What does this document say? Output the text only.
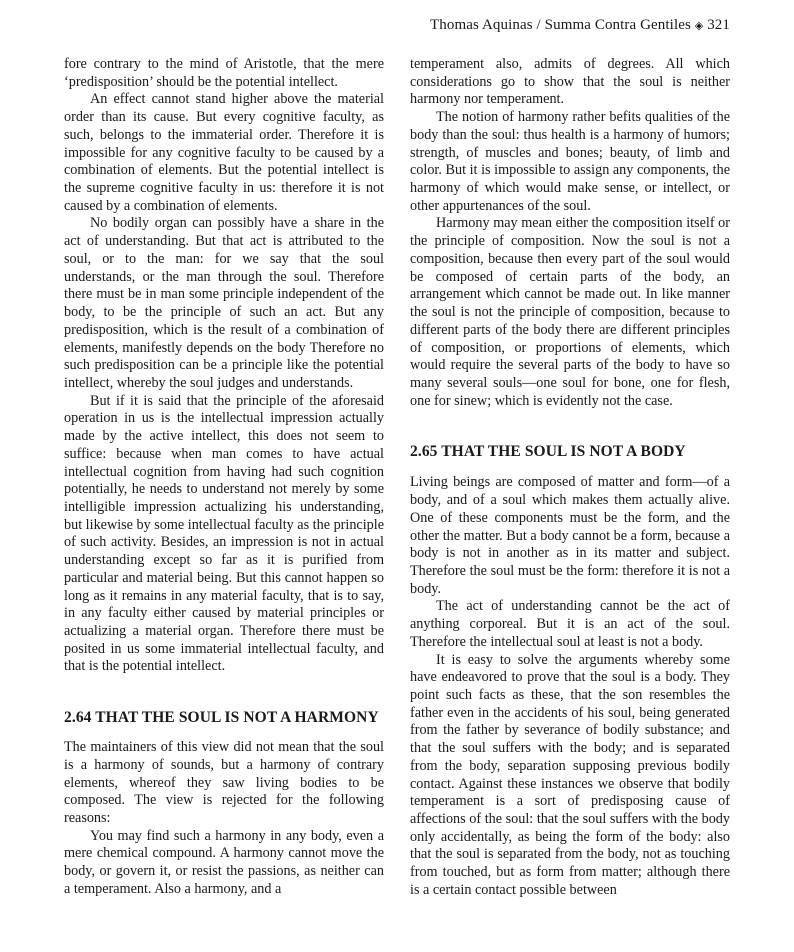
Thomas Aquinas / Summa Contra Gentiles ◈ 321

fore contrary to the mind of Aristotle, that the mere ‘predisposition’ should be the potential intellect.

An effect cannot stand higher above the material order than its cause. But every cognitive faculty, as such, belongs to the immaterial order. Therefore it is impossible for any cognitive faculty to be caused by a combination of elements. But the potential intellect is the supreme cognitive faculty in us: therefore it is not caused by a combination of elements.

No bodily organ can possibly have a share in the act of understanding. But that act is attributed to the soul, or to the man: for we say that the soul understands, or the man through the soul. Therefore there must be in man some principle independent of the body, to be the principle of such an act. But any predisposition, which is the result of a combination of elements, manifestly depends on the body Therefore no such predisposition can be a principle like the potential intellect, whereby the soul judges and understands.

But if it is said that the principle of the aforesaid operation in us is the intellectual impression actually made by the active intellect, this does not seem to suffice: because when man comes to have actual intellectual cognition from having had such cognition potentially, he needs to understand not merely by some intelligible impression actualizing his understanding, but likewise by some intellectual faculty as the principle of such activity. Besides, an impression is not in actual understanding except so far as it is purified from particular and material being. But this cannot happen so long as it remains in any material faculty, that is to say, in any faculty either caused by material principles or actualizing a material organ. Therefore there must be posited in us some immaterial intellectual faculty, and that is the potential intellect.

2.64 THAT THE SOUL IS NOT A HARMONY

The maintainers of this view did not mean that the soul is a harmony of sounds, but a harmony of contrary elements, whereof they saw living bodies to be composed. The view is rejected for the following reasons:

You may find such a harmony in any body, even a mere chemical compound. A harmony cannot move the body, or govern it, or resist the passions, as neither can a temperament. Also a harmony, and a

temperament also, admits of degrees. All which considerations go to show that the soul is neither harmony nor temperament.

The notion of harmony rather befits qualities of the body than the soul: thus health is a harmony of humors; strength, of muscles and bones; beauty, of limb and color. But it is impossible to assign any components, the harmony of which would make sense, or intellect, or other appurtenances of the soul.

Harmony may mean either the composition itself or the principle of composition. Now the soul is not a composition, because then every part of the soul would be composed of certain parts of the body, an arrangement which cannot be made out. In like manner the soul is not the principle of composition, because to different parts of the body there are different principles of composition, or proportions of elements, which would require the several parts of the body to have so many several souls—one soul for bone, one for flesh, one for sinew; which is evidently not the case.

2.65 THAT THE SOUL IS NOT A BODY

Living beings are composed of matter and form—of a body, and of a soul which makes them actually alive. One of these components must be the form, and the other the matter. But a body cannot be a form, because a body is not in another as in its matter and subject. Therefore the soul must be the form: therefore it is not a body.

The act of understanding cannot be the act of anything corporeal. But it is an act of the soul. Therefore the intellectual soul at least is not a body.

It is easy to solve the arguments whereby some have endeavored to prove that the soul is a body. They point such facts as these, that the son resembles the father even in the accidents of his soul, being generated from the father by severance of bodily substance; and that the soul suffers with the body; and is separated from the body, separation supposing previous bodily contact. Against these instances we observe that bodily temperament is a sort of predisposing cause of affections of the soul: that the soul suffers with the body only accidentally, as being the form of the body: also that the soul is separated from the body, not as touching from touched, but as form from matter; although there is a certain contact possible between
